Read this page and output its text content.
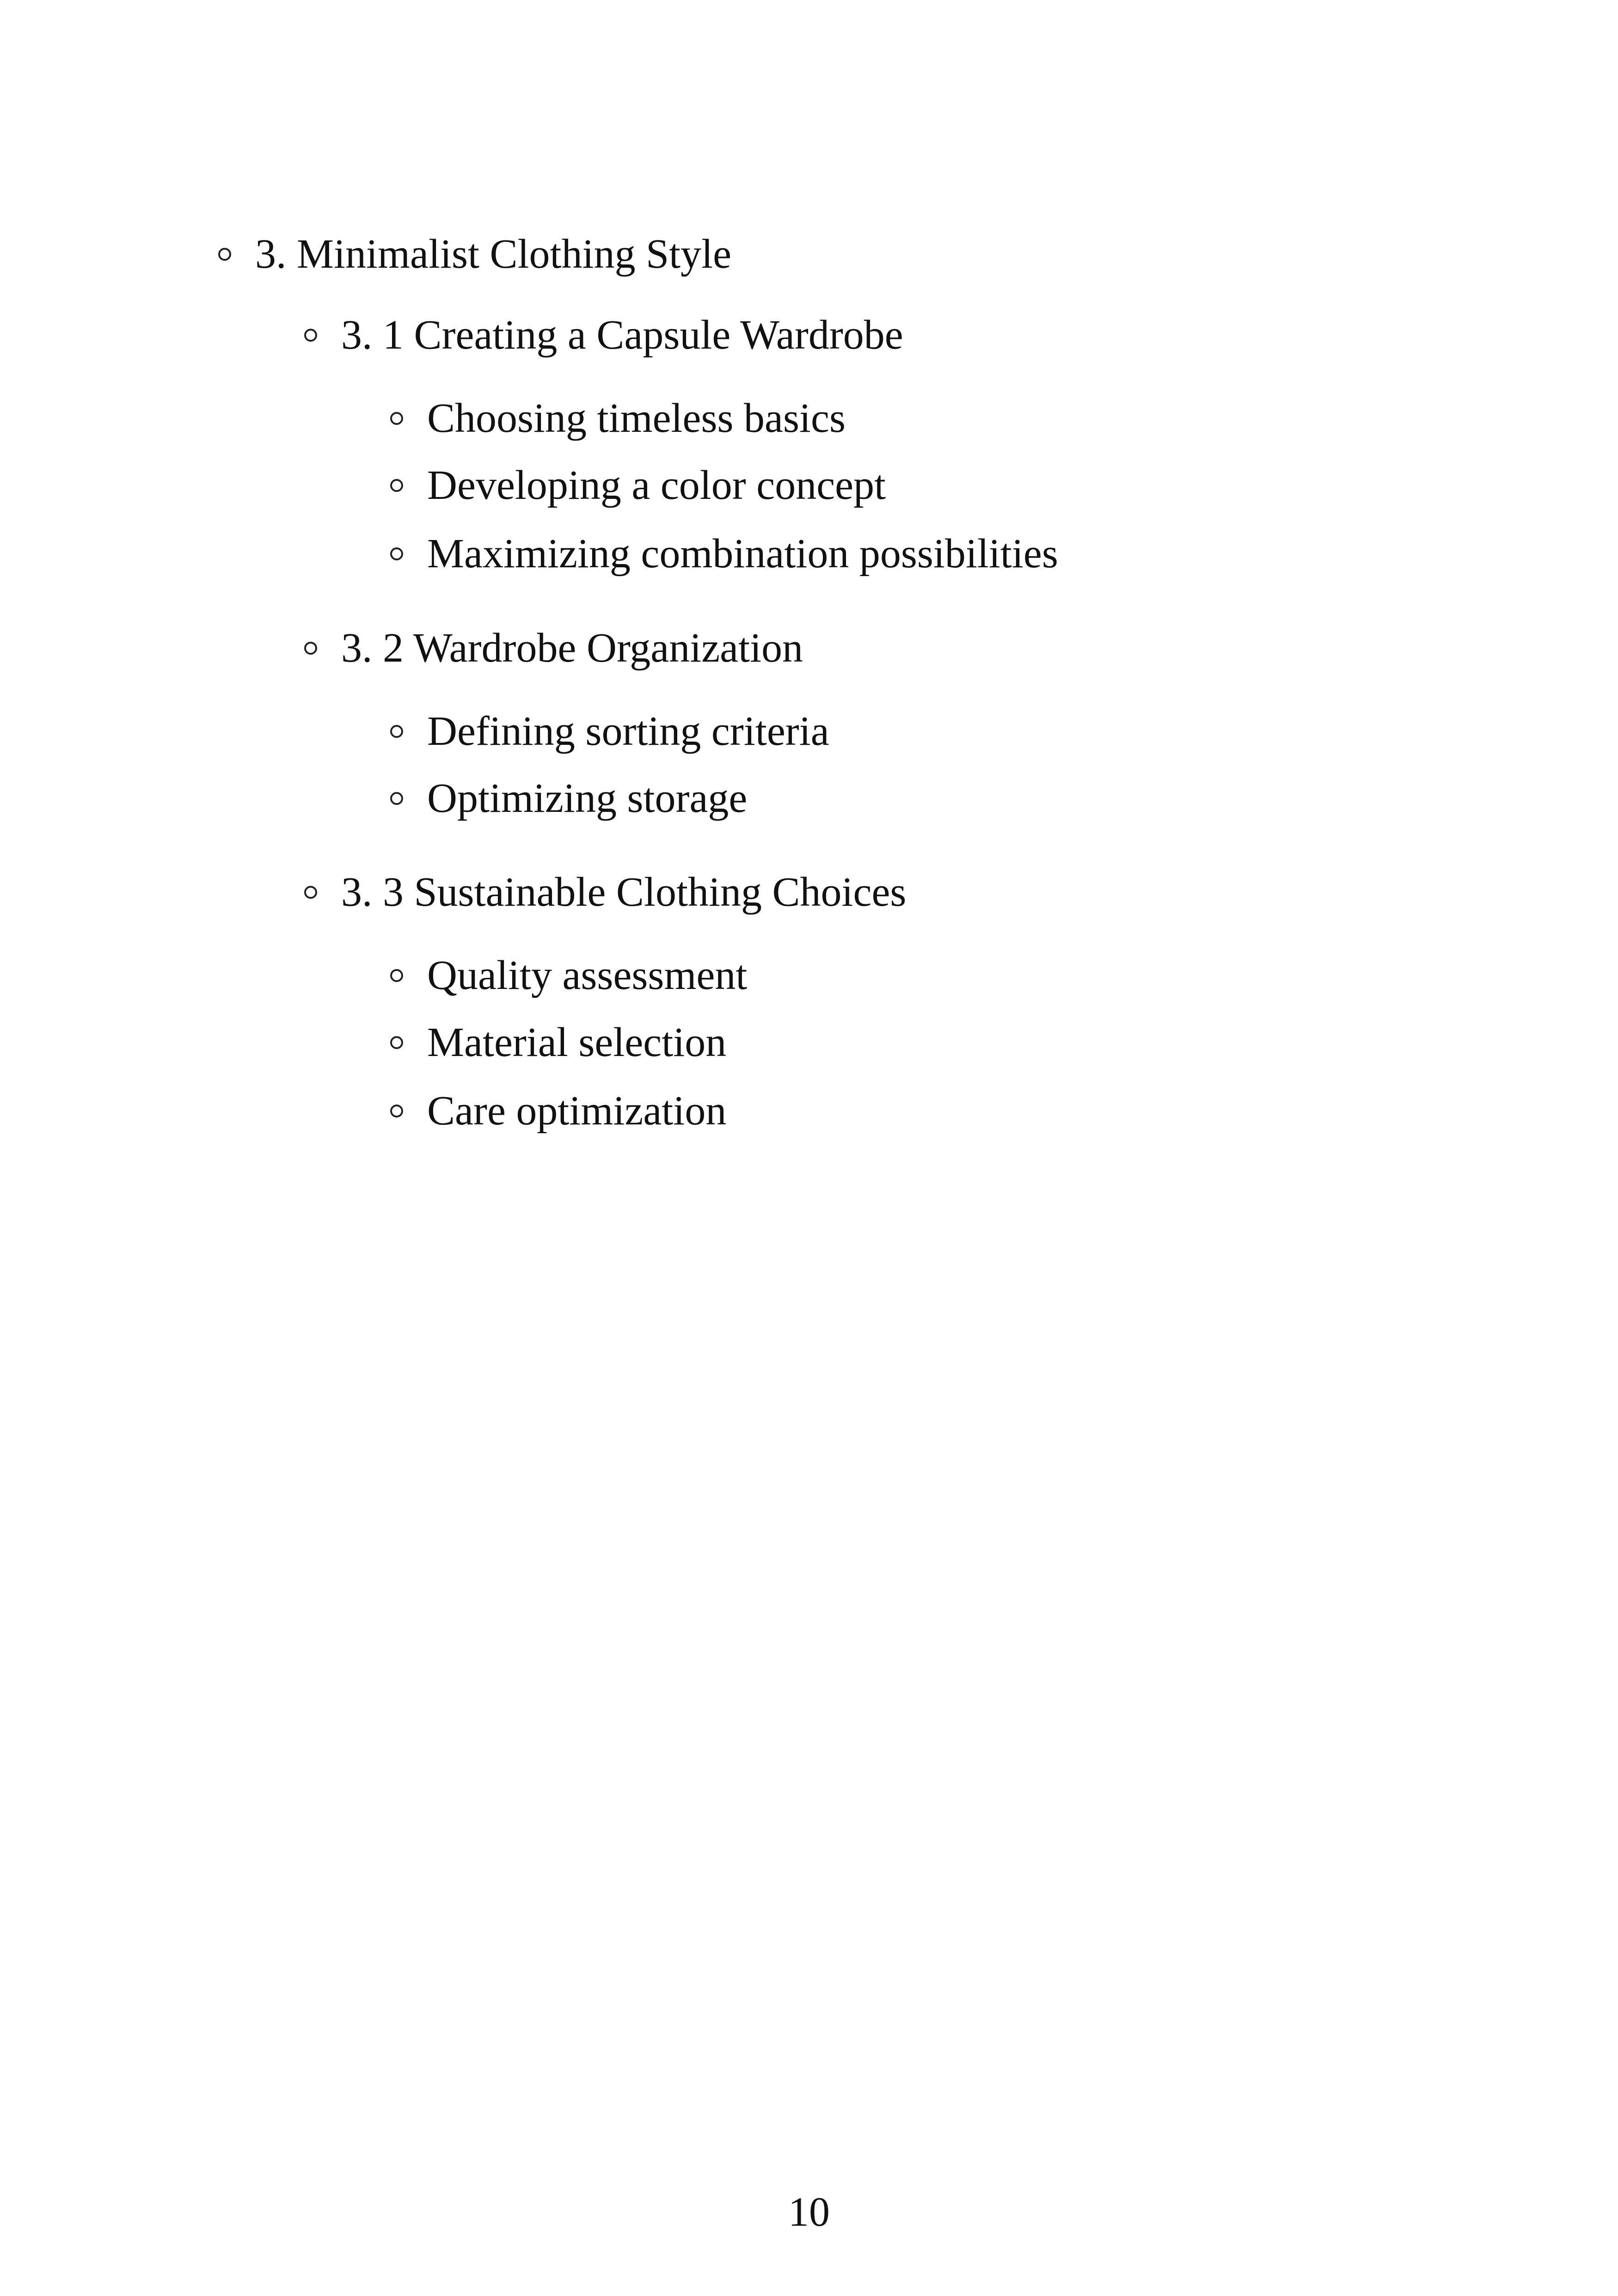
3. Minimalist Clothing Style
3. 1 Creating a Capsule Wardrobe
Choosing timeless basics
Developing a color concept
Maximizing combination possibilities
3. 2 Wardrobe Organization
Defining sorting criteria
Optimizing storage
3. 3 Sustainable Clothing Choices
Quality assessment
Material selection
Care optimization
10
